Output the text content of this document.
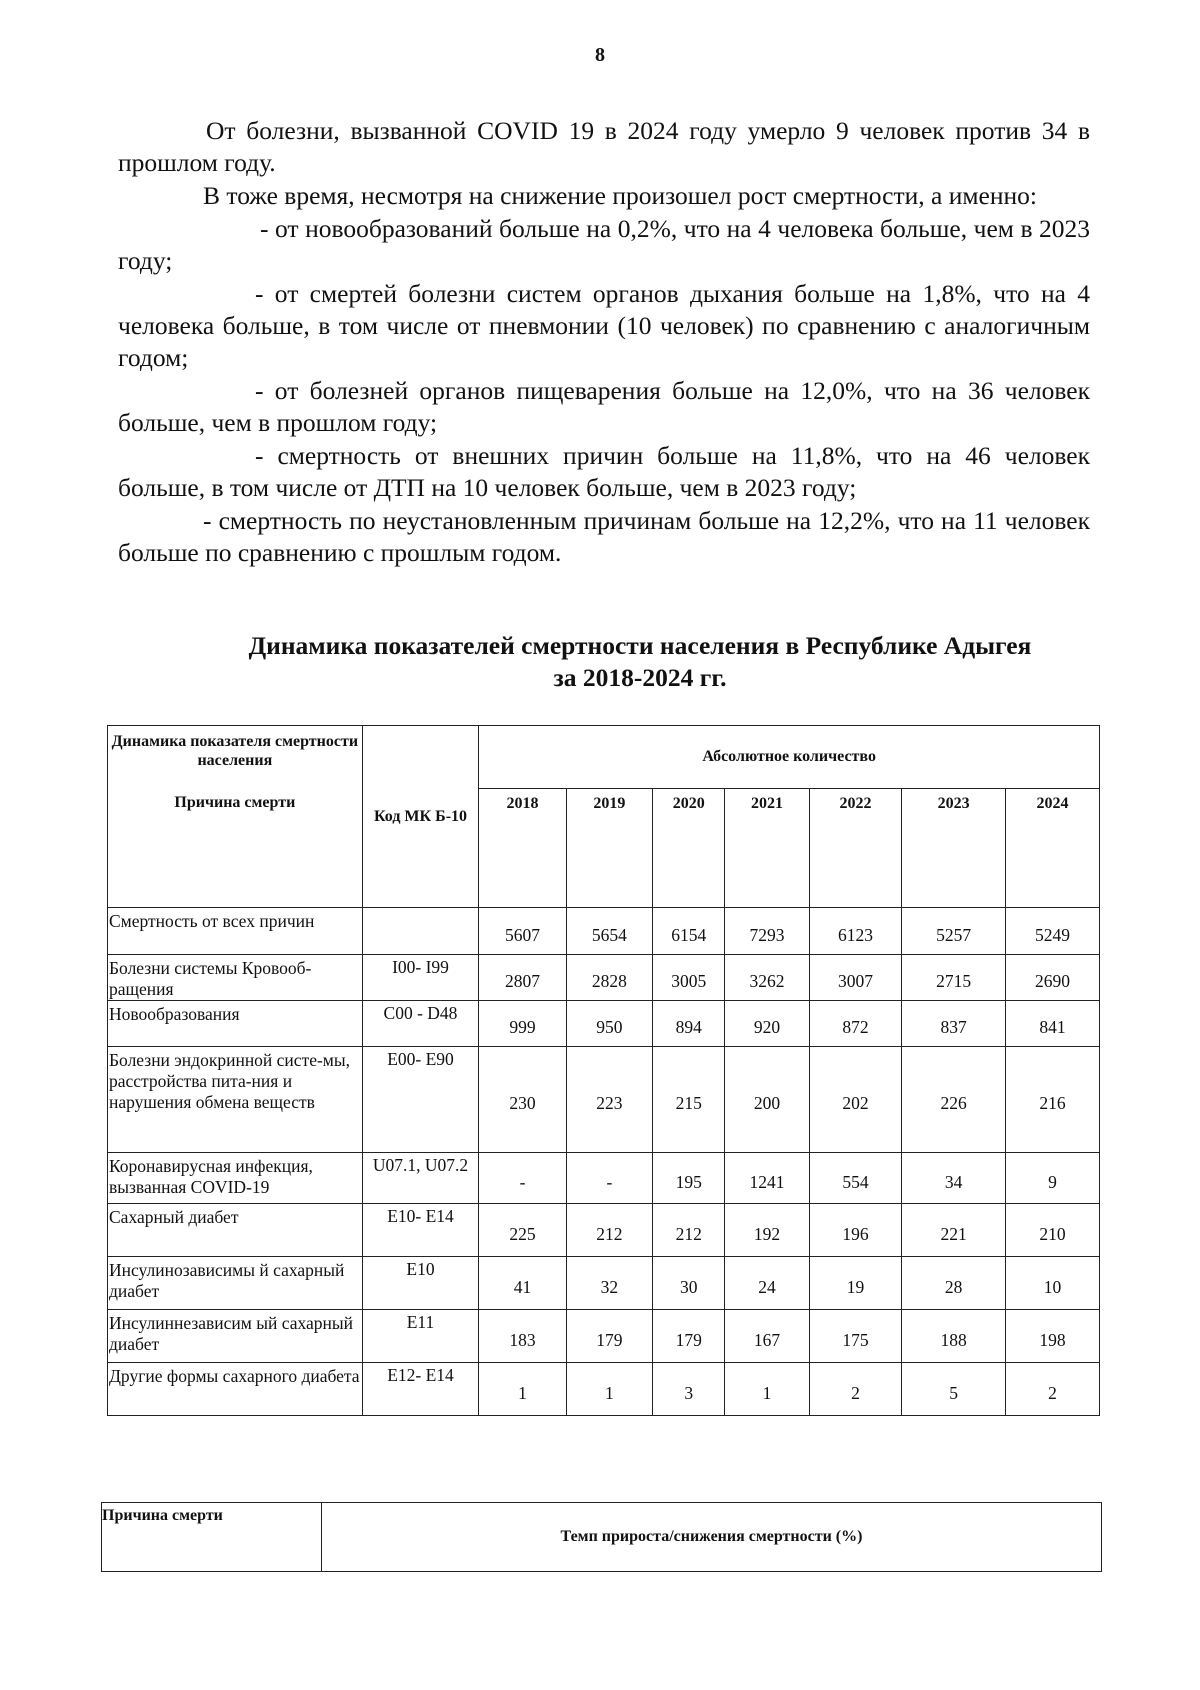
8

От болезни, вызванной COVID 19 в 2024 году умерло 9 человек против 34 в прошлом году.

В тоже время, несмотря на снижение произошел рост смертности, а именно:

- от новообразований больше на 0,2%, что на 4 человека больше, чем в 2023 году;

- от смертей болезни систем органов дыхания больше на 1,8%, что на 4 человека больше, в том числе от пневмонии (10 человек) по сравнению с аналогичным годом;

- от болезней органов пищеварения больше на 12,0%, что на 36 человек больше, чем в прошлом году;

- смертность от внешних причин больше на 11,8%, что на 46 человек больше, в том числе от ДТП на 10 человек больше, чем в 2023 году;

- смертность по неустановленным причинам больше на 12,2%, что на 11 человек больше по сравнению с прошлым годом.

Динамика показателей смертности населения в Республике Адыгея
за 2018-2024 гг.
Динамика показателя смертности населения
Причина смерти	Код МК Б-10	Абсолютное количество						
		2018	2019	2020	2021	2022	2023	2024
Смертность от всех причин		5607	5654	6154	7293	6123	5257	5249
Болезни системы Кровооб-ращения	I00- I99	2807	2828	3005	3262	3007	2715	2690
Новообразования	C00 - D48	999	950	894	920	872	837	841
Болезни эндокринной систе-мы, расстройства пита-ния и нарушения обмена веществ	E00- E90	230	223	215	200	202	226	216
Коронавирусная инфекция, вызванная COVID-19	U07.1, U07.2	-	-	195	1241	554	34	9
Сахарный диабет	E10- E14	225	212	212	192	196	221	210
Инсулинозависимы й сахарный диабет	E10	41	32	30	24	19	28	10
Инсулиннезависим ый сахарный диабет	E11	183	179	179	167	175	188	198
Другие формы сахарного диабета	E12- E14	1	1	3	1	2	5	2
Причина смерти	Темп прироста/снижения смертности (%)
